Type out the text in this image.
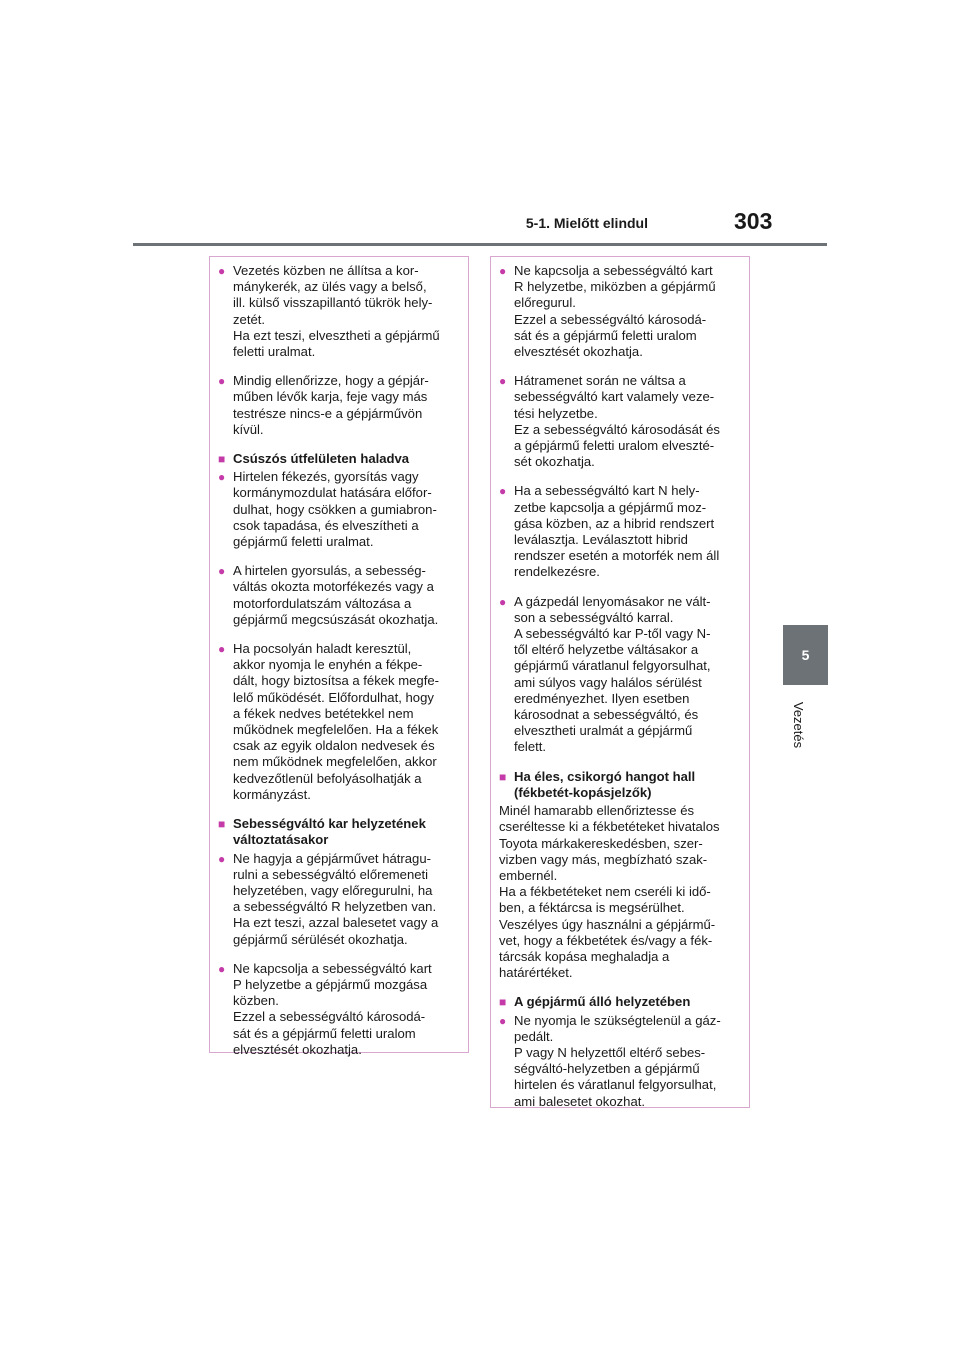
5-1. Mielőtt elindul	303
5
Vezetés
● Vezetés közben ne állítsa a kor-
mánykerék, az ülés vagy a belső,
ill. külső visszapillantó tükrök hely-
zetét.
Ha ezt teszi, elvesztheti a gépjármű
feletti uralmat.
● Mindig ellenőrizze, hogy a gépjár-
műben lévők karja, feje vagy más
testrésze nincs-e a gépjárművön
kívül.
■ Csúszós útfelületen haladva
● Hirtelen fékezés, gyorsítás vagy
kormánymozdulat hatására előfor-
dulhat, hogy csökken a gumiabron-
csok tapadása, és elveszítheti a
gépjármű feletti uralmat.
● A hirtelen gyorsulás, a sebesség-
váltás okozta motorfékezés vagy a
motorfordulatszám változása a
gépjármű megcsúszását okozhatja.
● Ha pocsolyán haladt keresztül,
akkor nyomja le enyhén a fékpe-
dált, hogy biztosítsa a fékek megfe-
lelő működését. Előfordulhat, hogy
a fékek nedves betétekkel nem
működnek megfelelően. Ha a fékek
csak az egyik oldalon nedvesek és
nem működnek megfelelően, akkor
kedvezőtlenül befolyásolhatják a
kormányzást.
■ Sebességváltó kar helyzetének
változtatásakor
● Ne hagyja a gépjárművet hátragu-
rulni a sebességváltó előremeneti
helyzetében, vagy előregurulni, ha
a sebességváltó R helyzetben van.
Ha ezt teszi, azzal balesetet vagy a
gépjármű sérülését okozhatja.
● Ne kapcsolja a sebességváltó kart
P helyzetbe a gépjármű mozgása
közben.
Ezzel a sebességváltó károsodá-
sát és a gépjármű feletti uralom
elvesztését okozhatja.
● Ne kapcsolja a sebességváltó kart
R helyzetbe, miközben a gépjármű
előregurul.
Ezzel a sebességváltó károsodá-
sát és a gépjármű feletti uralom
elvesztését okozhatja.
● Hátramenet során ne váltsa a
sebességváltó kart valamely veze-
tési helyzetbe.
Ez a sebességváltó károsodását és
a gépjármű feletti uralom elveszté-
sét okozhatja.
● Ha a sebességváltó kart N hely-
zetbe kapcsolja a gépjármű moz-
gása közben, az a hibrid rendszert
leválasztja. Leválasztott hibrid
rendszer esetén a motorfék nem áll
rendelkezésre.
● A gázpedál lenyomásakor ne vált-
son a sebességváltó karral.
A sebességváltó kar P-től vagy N-
től eltérő helyzetbe váltásakor a
gépjármű váratlanul felgyorsulhat,
ami súlyos vagy halálos sérülést
eredményezhet. Ilyen esetben
károsodnat a sebességváltó, és
elvesztheti uralmát a gépjármű
felett.
■ Ha éles, csikorgó hangot hall
(fékbetét-kopásjelzők)
Minél hamarabb ellenőriztesse és
cseréltesse ki a fékbetéteket hivatalos
Toyota márkakereskedésben, szer-
vizben vagy más, megbízható szak-
embernél.
Ha a fékbetéteket nem cseréli ki idő-
ben, a féktárcsa is megsérülhet.
Veszélyes úgy használni a gépjármű-
vet, hogy a fékbetétek és/vagy a fék-
tárcsák kopása meghaladja a
határértéket.
■ A gépjármű álló helyzetében
● Ne nyomja le szükségtelenül a gáz-
pedált.
P vagy N helyzettől eltérő sebes-
ségváltó-helyzetben a gépjármű
hirtelen és váratlanul felgyorsulhat,
ami balesetet okozhat.
